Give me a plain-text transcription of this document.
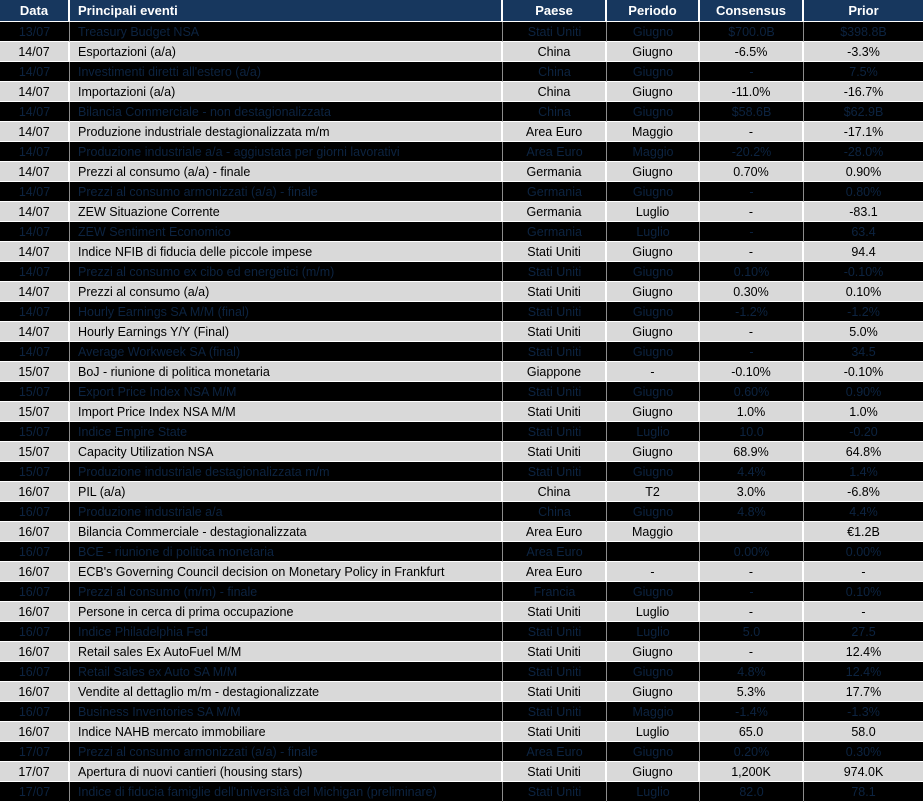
Data	Principali eventi	Paese	Periodo	Consensus	Prior
13/07	Treasury Budget NSA	Stati Uniti	Giugno	$700.0B	$398.8B
14/07	Esportazioni (a/a)	China	Giugno	-6.5%	-3.3%
14/07	Investimenti diretti all'estero (a/a)	China	Giugno	-	7.5%
14/07	Importazioni (a/a)	China	Giugno	-11.0%	-16.7%
14/07	Bilancia Commerciale - non destagionalizzata	China	Giugno	$58.6B	$62.9B
14/07	Produzione industriale destagionalizzata m/m	Area Euro	Maggio	-	-17.1%
14/07	Produzione industriale a/a - aggiustata per giorni lavorativi	Area Euro	Maggio	-20.2%	-28.0%
14/07	Prezzi al consumo (a/a) - finale	Germania	Giugno	0.70%	0.90%
14/07	Prezzi al consumo armonizzati (a/a) - finale	Germania	Giugno	-	0.80%
14/07	ZEW Situazione Corrente	Germania	Luglio	-	-83.1
14/07	ZEW Sentiment Economico	Germania	Luglio	-	63.4
14/07	Indice NFIB di fiducia delle piccole impese	Stati Uniti	Giugno	-	94.4
14/07	Prezzi al consumo ex cibo ed energetici (m/m)	Stati Uniti	Giugno	0.10%	-0.10%
14/07	Prezzi al consumo (a/a)	Stati Uniti	Giugno	0.30%	0.10%
14/07	Hourly Earnings SA M/M (final)	Stati Uniti	Giugno	-1.2%	-1.2%
14/07	Hourly Earnings Y/Y (Final)	Stati Uniti	Giugno	-	5.0%
14/07	Average Workweek SA (final)	Stati Uniti	Giugno	-	34.5
15/07	BoJ - riunione di politica monetaria	Giappone	-	-0.10%	-0.10%
15/07	Export Price Index NSA M/M	Stati Uniti	Giugno	0.60%	0.90%
15/07	Import Price Index NSA M/M	Stati Uniti	Giugno	1.0%	1.0%
15/07	Indice Empire State	Stati Uniti	Luglio	10.0	-0.20
15/07	Capacity Utilization NSA	Stati Uniti	Giugno	68.9%	64.8%
15/07	Produzione industriale destagionalizzata m/m	Stati Uniti	Giugno	4.4%	1.4%
16/07	PIL (a/a)	China	T2	3.0%	-6.8%
16/07	Produzione industriale a/a	China	Giugno	4.8%	4.4%
16/07	Bilancia Commerciale - destagionalizzata	Area Euro	Maggio		€1.2B
16/07	BCE - riunione di politica monetaria	Area Euro		0.00%	0.00%
16/07	ECB's Governing Council decision on Monetary Policy in Frankfurt	Area Euro	-	-	-
16/07	Prezzi al consumo (m/m) - finale	Francia	Giugno	-	0.10%
16/07	Persone in cerca di prima occupazione	Stati Uniti	Luglio	-	-
16/07	Indice Philadelphia Fed	Stati Uniti	Luglio	5.0	27.5
16/07	Retail sales Ex AutoFuel M/M	Stati Uniti	Giugno	-	12.4%
16/07	Retail Sales ex Auto SA M/M	Stati Uniti	Giugno	4.8%	12.4%
16/07	Vendite al dettaglio m/m - destagionalizzate	Stati Uniti	Giugno	5.3%	17.7%
16/07	Business Inventories SA M/M	Stati Uniti	Maggio	-1.4%	-1.3%
16/07	Indice NAHB mercato immobiliare	Stati Uniti	Luglio	65.0	58.0
17/07	Prezzi al consumo armonizzati (a/a) - finale	Area Euro	Giugno	0.20%	0.30%
17/07	Apertura di nuovi cantieri (housing stars)	Stati Uniti	Giugno	1,200K	974.0K
17/07	Indice di fiducia famiglie dell'università del Michigan (preliminare)	Stati Uniti	Luglio	82.0	78.1
